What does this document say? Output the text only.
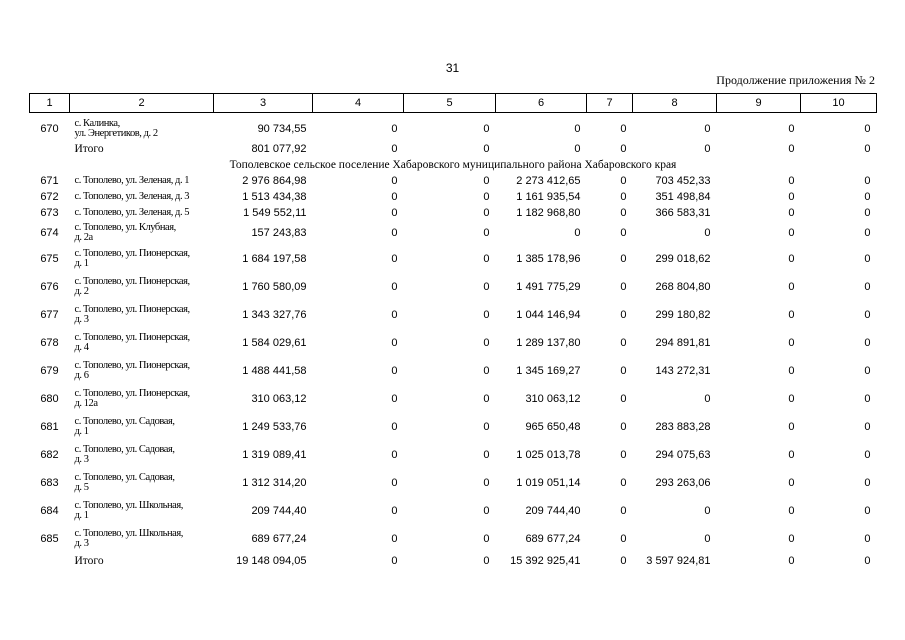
31
Продолжение приложения № 2
1	2	3	4	5	6	7	8	9	10
670	с. Калинка,
ул. Энергетиков, д. 2	90 734,55	0	0	0	0	0	0	0
	Итого	801 077,92	0	0	0	0	0	0	0
Тополевское сельское поселение Хабаровского муниципального района Хабаровского края									
671	с. Тополево, ул. Зеленая, д. 1	2 976 864,98	0	0	2 273 412,65	0	703 452,33	0	0
672	с. Тополево, ул. Зеленая, д. 3	1 513 434,38	0	0	1 161 935,54	0	351 498,84	0	0
673	с. Тополево, ул. Зеленая, д. 5	1 549 552,11	0	0	1 182 968,80	0	366 583,31	0	0
674	с. Тополево, ул. Клубная,
д. 2а	157 243,83	0	0	0	0	0	0	0
675	с. Тополево, ул. Пионерская,
д. 1	1 684 197,58	0	0	1 385 178,96	0	299 018,62	0	0
676	с. Тополево, ул. Пионерская,
д. 2	1 760 580,09	0	0	1 491 775,29	0	268 804,80	0	0
677	с. Тополево, ул. Пионерская,
д. 3	1 343 327,76	0	0	1 044 146,94	0	299 180,82	0	0
678	с. Тополево, ул. Пионерская,
д. 4	1 584 029,61	0	0	1 289 137,80	0	294 891,81	0	0
679	с. Тополево, ул. Пионерская,
д. 6	1 488 441,58	0	0	1 345 169,27	0	143 272,31	0	0
680	с. Тополево, ул. Пионерская,
д. 12а	310 063,12	0	0	310 063,12	0	0	0	0
681	с. Тополево, ул. Садовая,
д. 1	1 249 533,76	0	0	965 650,48	0	283 883,28	0	0
682	с. Тополево, ул. Садовая,
д. 3	1 319 089,41	0	0	1 025 013,78	0	294 075,63	0	0
683	с. Тополево, ул. Садовая,
д. 5	1 312 314,20	0	0	1 019 051,14	0	293 263,06	0	0
684	с. Тополево, ул. Школьная,
д. 1	209 744,40	0	0	209 744,40	0	0	0	0
685	с. Тополево, ул. Школьная,
д. 3	689 677,24	0	0	689 677,24	0	0	0	0
	Итого	19 148 094,05	0	0	15 392 925,41	0	3 597 924,81	0	0
